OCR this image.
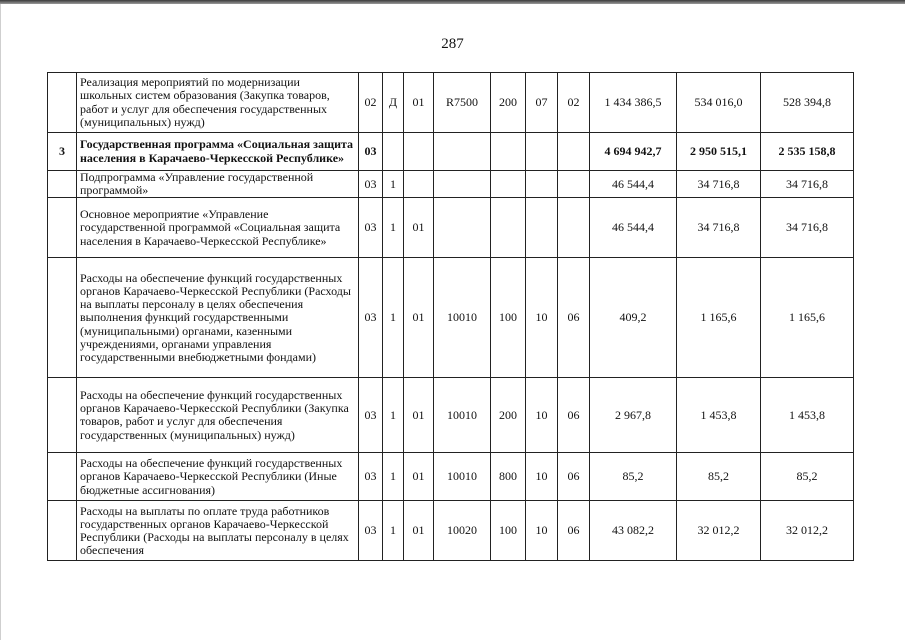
287
	Реализация мероприятий по модернизации школьных систем образования (Закупка товаров, работ и услуг для обеспечения государственных (муниципальных) нужд)	02	Д	01	R7500	200	07	02	1 434 386,5	534 016,0	528 394,8
3	Государственная программа «Социальная защита населения в Карачаево-Черкесской Республике»	03							4 694 942,7	2 950 515,1	2 535 158,8
	Подпрограмма «Управление государственной программой»	03	1						46 544,4	34 716,8	34 716,8
	Основное мероприятие «Управление государственной программой «Социальная защита населения в Карачаево-Черкесской Республике»	03	1	01					46 544,4	34 716,8	34 716,8
	Расходы на обеспечение функций государственных органов Карачаево-Черкесской Республики (Расходы на выплаты персоналу в целях обеспечения выполнения функций государственными (муниципальными) органами, казенными учреждениями, органами управления государственными внебюджетными фондами)	03	1	01	10010	100	10	06	409,2	1 165,6	1 165,6
	Расходы на обеспечение функций государственных органов Карачаево-Черкесской Республики (Закупка товаров, работ и услуг для обеспечения государственных (муниципальных) нужд)	03	1	01	10010	200	10	06	2 967,8	1 453,8	1 453,8
	Расходы на обеспечение функций государственных органов Карачаево-Черкесской Республики (Иные бюджетные ассигнования)	03	1	01	10010	800	10	06	85,2	85,2	85,2
	Расходы на выплаты по оплате труда работников государственных органов Карачаево-Черкесской Республики (Расходы на выплаты персоналу в целях обеспечения	03	1	01	10020	100	10	06	43 082,2	32 012,2	32 012,2
